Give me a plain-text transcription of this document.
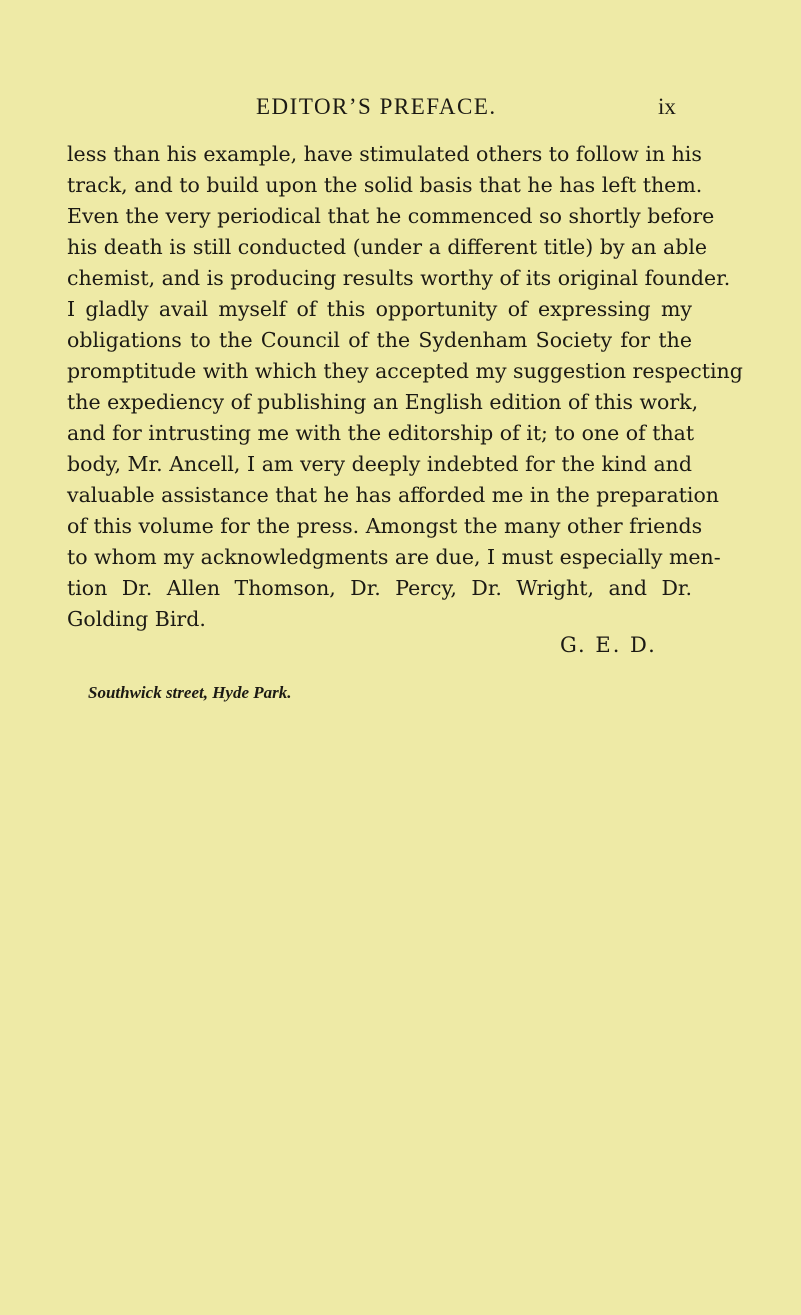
EDITOR’S PREFACE.	ix
less than his example, have stimulated others to follow in his
track, and to build upon the solid basis that he has left them.
Even the very periodical that he commenced so shortly before
his death is still conducted (under a different title) by an able
chemist, and is producing results worthy of its original founder.
I gladly avail myself of this opportunity of expressing my
obligations to the Council of the Sydenham Society for the
promptitude with which they accepted my suggestion respecting
the expediency of publishing an English edition of this work,
and for intrusting me with the editorship of it; to one of that
body, Mr. Ancell, I am very deeply indebted for the kind and
valuable assistance that he has afforded me in the preparation
of this volume for the press. Amongst the many other friends
to whom my acknowledgments are due, I must especially men-
tion Dr. Allen Thomson, Dr. Percy, Dr. Wright, and Dr.
Golding Bird.
G. E. D.
Southwick street, Hyde Park.
